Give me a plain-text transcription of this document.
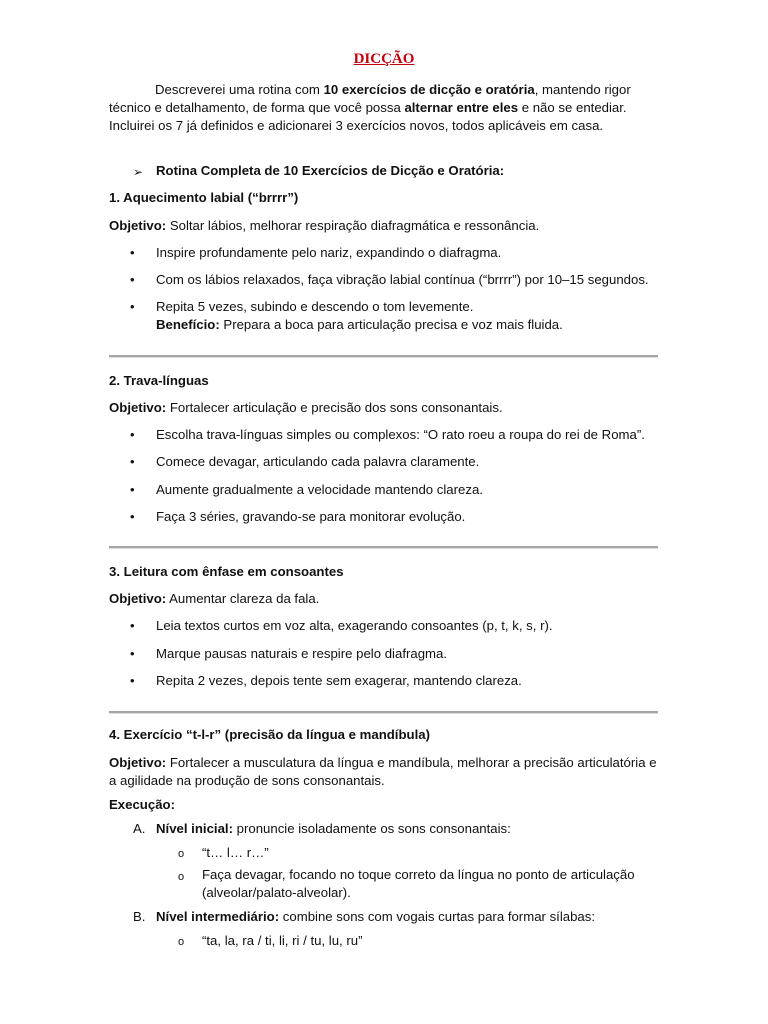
DICÇÃO

Descreverei uma rotina com 10 exercícios de dicção e oratória, mantendo rigor técnico e detalhamento, de forma que você possa alternar entre eles e não se entediar. Incluirei os 7 já definidos e adicionarei 3 exercícios novos, todos aplicáveis em casa.

➢ Rotina Completa de 10 Exercícios de Dicção e Oratória:

1. Aquecimento labial (“brrrr”)

Objetivo: Soltar lábios, melhorar respiração diafragmática e ressonância.

•	Inspire profundamente pelo nariz, expandindo o diafragma.

•	Com os lábios relaxados, faça vibração labial contínua (“brrrr”) por 10–15 segundos.

•	Repita 5 vezes, subindo e descendo o tom levemente.

Benefício: Prepara a boca para articulação precisa e voz mais fluida.

2. Trava-línguas

Objetivo: Fortalecer articulação e precisão dos sons consonantais.

•	Escolha trava-línguas simples ou complexos: “O rato roeu a roupa do rei de Roma”.

•	Comece devagar, articulando cada palavra claramente.

•	Aumente gradualmente a velocidade mantendo clareza.

•	Faça 3 séries, gravando-se para monitorar evolução.

3. Leitura com ênfase em consoantes

Objetivo: Aumentar clareza da fala.

•	Leia textos curtos em voz alta, exagerando consoantes (p, t, k, s, r).

•	Marque pausas naturais e respire pelo diafragma.

•	Repita 2 vezes, depois tente sem exagerar, mantendo clareza.

4. Exercício “t-l-r” (precisão da língua e mandíbula)

Objetivo: Fortalecer a musculatura da língua e mandíbula, melhorar a precisão articulatória e a agilidade na produção de sons consonantais.

Execução:

A. Nível inicial: pronuncie isoladamente os sons consonantais:

o “t… l… r…”

o Faça devagar, focando no toque correto da língua no ponto de articulação (alveolar/palato-alveolar).

B. Nível intermediário: combine sons com vogais curtas para formar sílabas:

o “ta, la, ra / ti, li, ri / tu, lu, ru”
